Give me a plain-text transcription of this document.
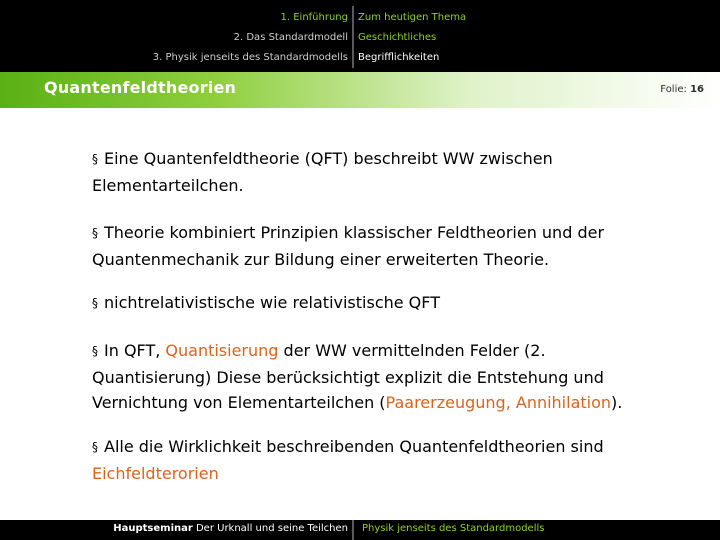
1. Einführung
2. Das Standardmodell
3. Physik jenseits des Standardmodells
Zum heutigen Thema
Geschichtliches
Begrifflichkeiten
Quantenfeldtheorien	Folie: 16

§ Eine Quantenfeldtheorie (QFT) beschreibt WW zwischen Elementarteilchen.

§ Theorie kombiniert Prinzipien klassischer Feldtheorien und der Quantenmechanik zur Bildung einer erweiterten Theorie.

§ nichtrelativistische wie relativistische QFT

§ In QFT, Quantisierung der WW vermittelnden Felder (2. Quantisierung) Diese berücksichtigt explizit die Entstehung und Vernichtung von Elementarteilchen (Paarerzeugung, Annihilation).

§ Alle die Wirklichkeit beschreibenden Quantenfeldtheorien sind
Eichfeldterorien

Hauptseminar Der Urknall und seine Teilchen Physik jenseits des Standardmodells
